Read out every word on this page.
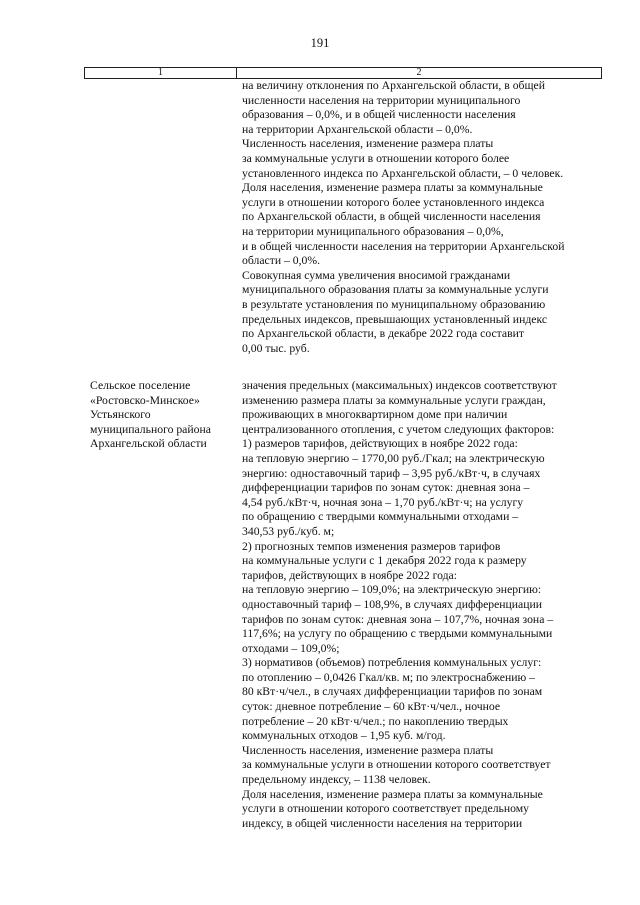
191
1	2
на величину отклонения по Архангельской области, в общей
численности населения на территории муниципального
образования – 0,0%, и в общей численности населения
на территории Архангельской области – 0,0%.
Численность населения, изменение размера платы
за коммунальные услуги в отношении которого более
установленного индекса по Архангельской области, – 0 человек.
Доля населения, изменение размера платы за коммунальные
услуги в отношении которого более установленного индекса
по Архангельской области, в общей численности населения
на территории муниципального образования – 0,0%,
и в общей численности населения на территории Архангельской
области – 0,0%.
Совокупная сумма увеличения вносимой гражданами
муниципального образования платы за коммунальные услуги
в результате установления по муниципальному образованию
предельных индексов, превышающих установленный индекс
по Архангельской области, в декабре 2022 года составит
0,00 тыс. руб.
Сельское поселение
«Ростовско-Минское»
Устьянского
муниципального района
Архангельской области
значения предельных (максимальных) индексов соответствуют
изменению размера платы за коммунальные услуги граждан,
проживающих в многоквартирном доме при наличии
централизованного отопления, с учетом следующих факторов:
1) размеров тарифов, действующих в ноябре 2022 года:
на тепловую энергию – 1770,00 руб./Гкал; на электрическую
энергию: одноставочный тариф – 3,95 руб./кВт·ч, в случаях
дифференциации тарифов по зонам суток: дневная зона –
4,54 руб./кВт·ч, ночная зона – 1,70 руб./кВт·ч; на услугу
по обращению с твердыми коммунальными отходами –
340,53 руб./куб. м;
2) прогнозных темпов изменения размеров тарифов
на коммунальные услуги с 1 декабря 2022 года к размеру
тарифов, действующих в ноябре 2022 года:
на тепловую энергию – 109,0%; на электрическую энергию:
одноставочный тариф – 108,9%, в случаях дифференциации
тарифов по зонам суток: дневная зона – 107,7%, ночная зона –
117,6%; на услугу по обращению с твердыми коммунальными
отходами – 109,0%;
3) нормативов (объемов) потребления коммунальных услуг:
по отоплению – 0,0426 Гкал/кв. м; по электроснабжению –
80 кВт·ч/чел., в случаях дифференциации тарифов по зонам
суток: дневное потребление – 60 кВт·ч/чел., ночное
потребление – 20 кВт·ч/чел.; по накоплению твердых
коммунальных отходов – 1,95 куб. м/год.
Численность населения, изменение размера платы
за коммунальные услуги в отношении которого соответствует
предельному индексу, – 1138 человек.
Доля населения, изменение размера платы за коммунальные
услуги в отношении которого соответствует предельному
индексу, в общей численности населения на территории
